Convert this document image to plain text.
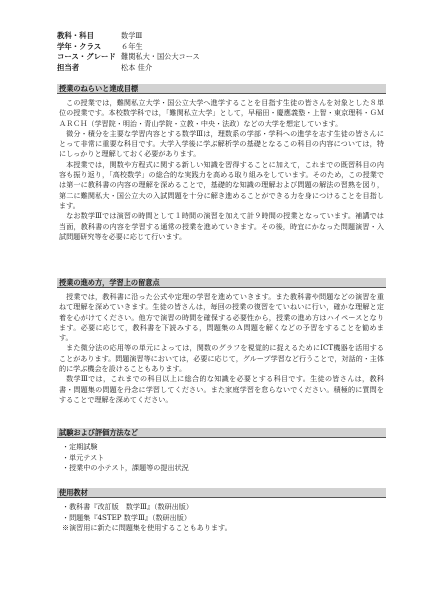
教科・科目	数学Ⅲ
学年・クラス	６年生
コース・グレード 難関私大・国公大コース
担当者	松本 佳介
授業のねらいと達成目標

この授業では，難関私立大学・国公立大学へ進学することを目指す生徒の皆さんを対象とした８単位の授業です。本校数学科では，「難関私立大学」として，早稲田・慶應義塾・上智・東京理科・ＧＭＡＲＣＨ（学習院・明治・青山学院・立教・中央・法政）などの大学を想定しています。

微分・積分を主要な学習内容とする数学Ⅲは，理数系の学部・学科への進学を志す生徒の皆さんにとって非常に重要な科目です。大学入学後に学ぶ解析学の基礎となるこの科目の内容については，特にしっかりと理解しておく必要があります。

本授業では，関数や方程式に関する新しい知識を習得することに加えて，これまでの既習科目の内容も振り返り，「高校数学」の総合的な実践力を高める取り組みをしています。そのため，この授業では第一に教科書の内容の理解を深めることで，基礎的な知識の理解および問題の解法の習熟を図り，第二に難関私大・国公立大の入試問題を十分に解き進めることができる力を身につけることを目指します。

なお数学Ⅲでは演習の時間として１時間の演習を加えて計９時間の授業となっています。補講では当面，教科書の内容を学習する通常の授業を進めていきます。その後，時宜にかなった問題演習・入試問題研究等を必要に応じて行います。

授業の進め方，学習上の留意点

授業では，教科書に沿った公式や定理の学習を進めていきます。また教科書や問題などの演習を重ねて理解を深めていきます。生徒の皆さんは，毎回の授業の復習をていねいに行い，確かな理解と定着を心がけてください。他方で演習の時間を確保する必要性から，授業の進め方はハイペースとなります。必要に応じて，教科書を下読みする，問題集のＡ問題を解くなどの予習をすることを勧めます。

また微分法の応用等の単元によっては，関数のグラフを視覚的に捉えるためにICT機器を活用することがあります。問題演習等においては，必要に応じて，グループ学習など行うことで，対話的・主体的に学ぶ機会を設けることもあります。

数学Ⅲでは，これまでの科目以上に総合的な知識を必要とする科目です。生徒の皆さんは，教科書・問題集の問題を丹念に学習してください。また家庭学習を怠らないでください。積極的に質問をすることで理解を深めてください。

試験および評価方法など
・定期試験
・単元テスト
・授業中の小テスト，課題等の提出状況
使用教材
・教科書『改訂版　数学Ⅲ』（数研出版）
・問題集『4STEP 数学Ⅲ』（数研出版）
※演習用に新たに問題集を使用することもあります。
